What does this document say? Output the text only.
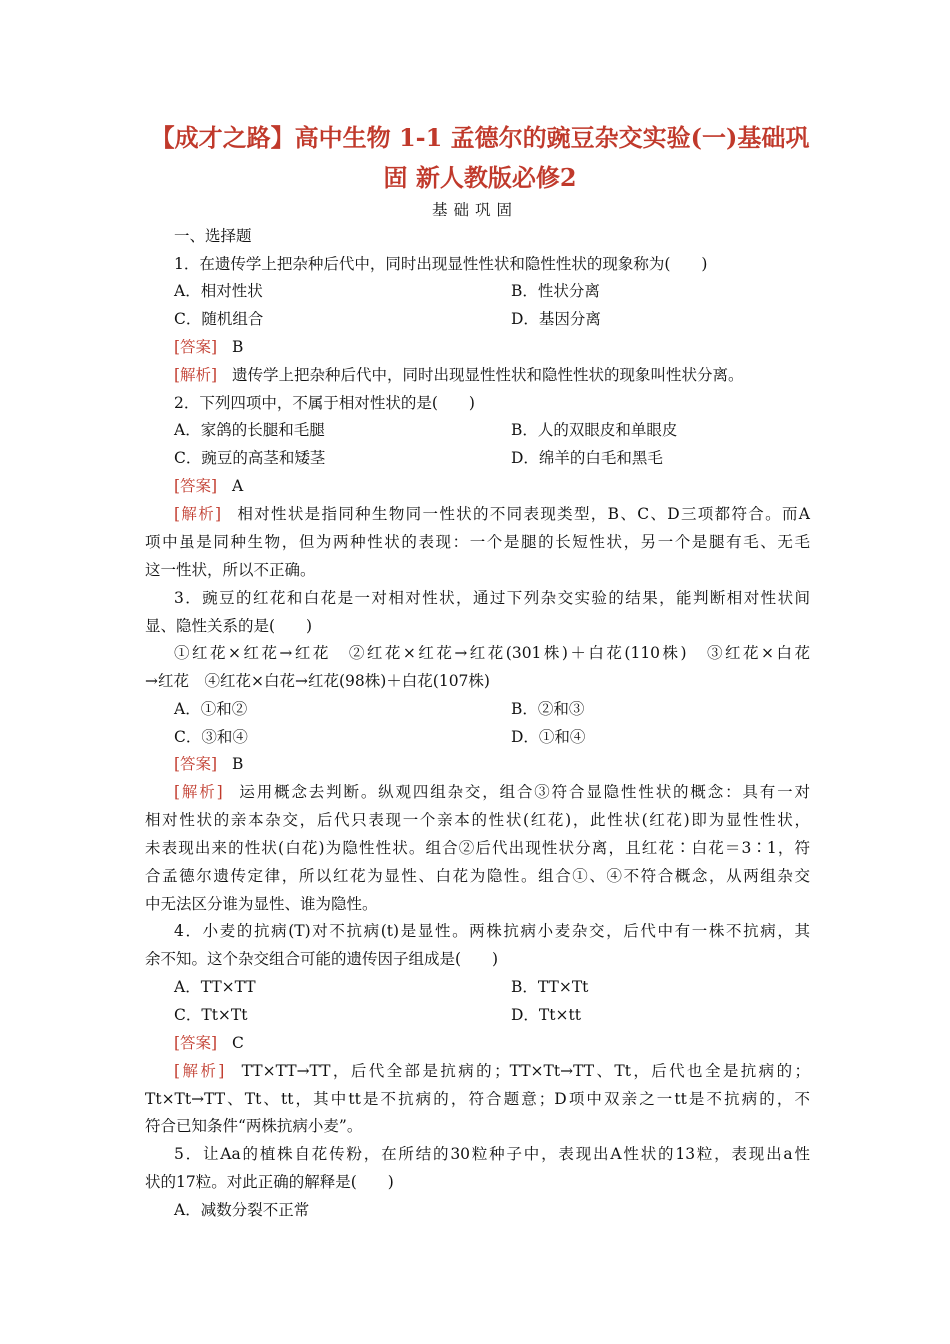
【成才之路】高中生物 1-1 孟德尔的豌豆杂交实验(一)基础巩
固 新人教版必修2
基础巩固
一、选择题
1．在遗传学上把杂种后代中，同时出现显性性状和隐性性状的现象称为(　　)
A．相对性状	B．性状分离
C．随机组合	D．基因分离
[答案] B
[解析] 遗传学上把杂种后代中，同时出现显性性状和隐性性状的现象叫性状分离。
2．下列四项中，不属于相对性状的是(　　)
A．家鸽的长腿和毛腿	B．人的双眼皮和单眼皮
C．豌豆的高茎和矮茎	D．绵羊的白毛和黑毛
[答案] A
[解析] 相对性状是指同种生物同一性状的不同表现类型，B、C、D三项都符合。而A
项中虽是同种生物，但为两种性状的表现：一个是腿的长短性状，另一个是腿有毛、无毛
这一性状，所以不正确。
3．豌豆的红花和白花是一对相对性状，通过下列杂交实验的结果，能判断相对性状间
显、隐性关系的是(　　)
①红花×红花→红花　②红花×红花→红花(301株)＋白花(110株)　③红花×白花
→红花　④红花×白花→红花(98株)＋白花(107株)
A．①和②	B．②和③
C．③和④	D．①和④
[答案] B
[解析] 运用概念去判断。纵观四组杂交，组合③符合显隐性性状的概念：具有一对
相对性状的亲本杂交，后代只表现一个亲本的性状(红花)，此性状(红花)即为显性性状，
未表现出来的性状(白花)为隐性性状。组合②后代出现性状分离，且红花∶白花＝3∶1，符
合孟德尔遗传定律，所以红花为显性、白花为隐性。组合①、④不符合概念，从两组杂交
中无法区分谁为显性、谁为隐性。
4．小麦的抗病(T)对不抗病(t)是显性。两株抗病小麦杂交，后代中有一株不抗病，其
余不知。这个杂交组合可能的遗传因子组成是(　　)
A．TT×TT	B．TT×Tt
C．Tt×Tt	D．Tt×tt
[答案] C
[解析] TT×TT→TT，后代全部是抗病的；TT×Tt→TT、Tt，后代也全是抗病的；
Tt×Tt→TT、Tt、tt，其中tt是不抗病的，符合题意；D项中双亲之一tt是不抗病的，不
符合已知条件“两株抗病小麦”。
5．让Aa的植株自花传粉，在所结的30粒种子中，表现出A性状的13粒，表现出a性
状的17粒。对此正确的解释是(　　)
A．减数分裂不正常
